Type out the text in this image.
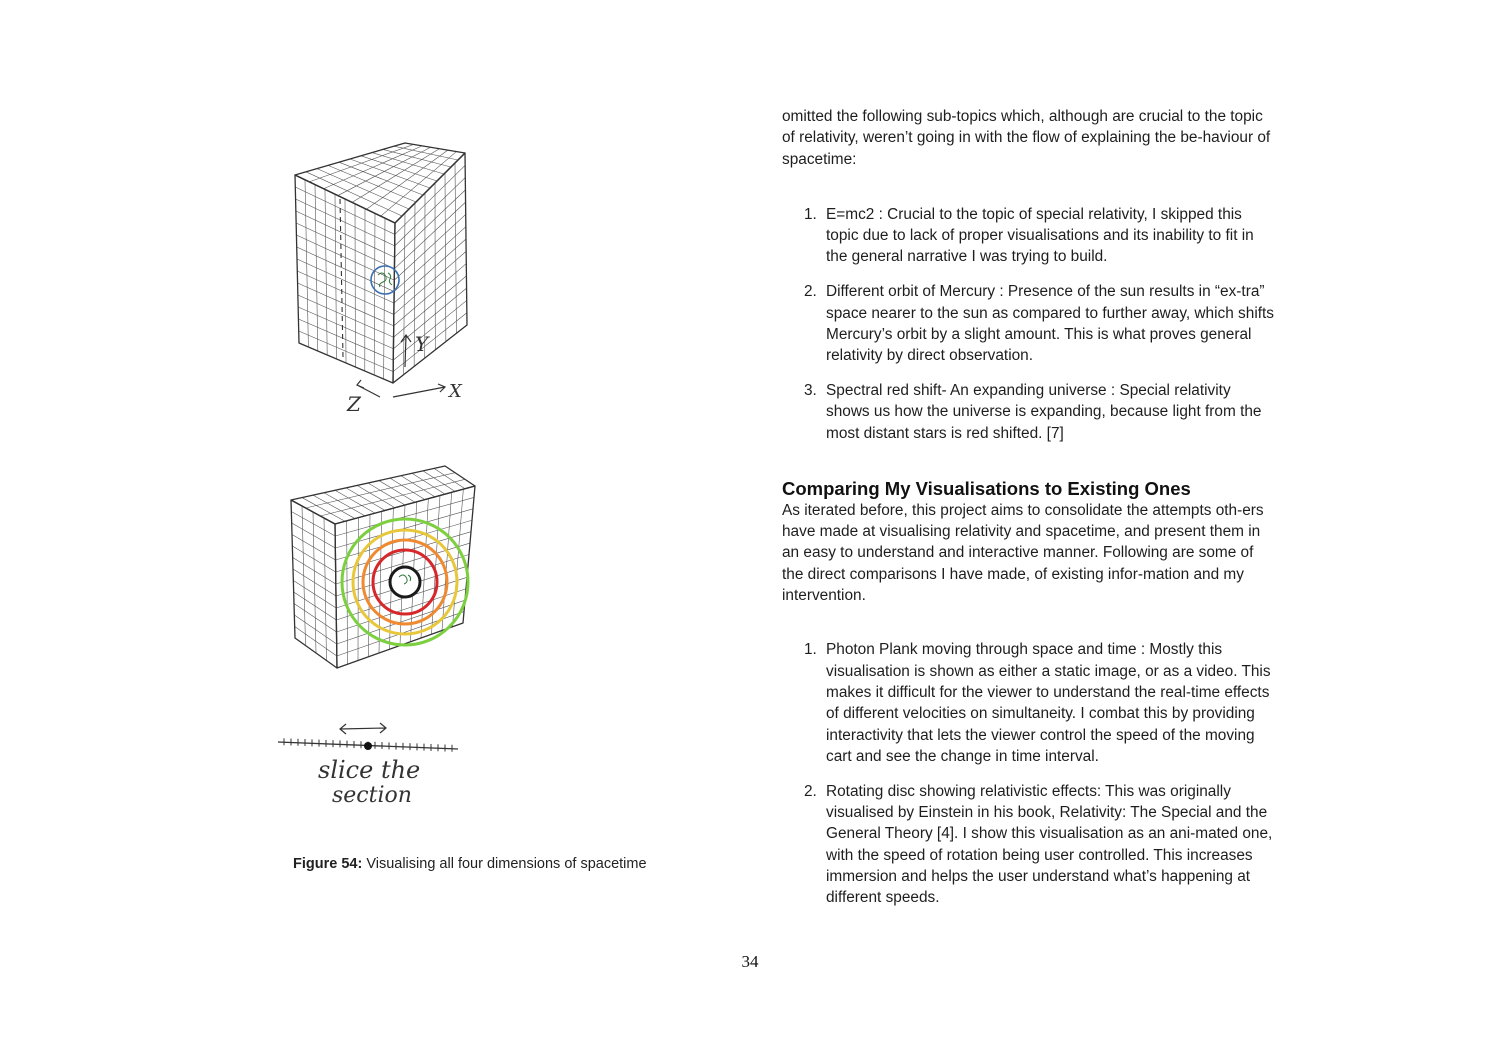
Y
X
Z
slice the
section
Figure 54: Visualising all four dimensions of spacetime

omitted the following sub-topics which, although are crucial to the topic of relativity, weren’t going in with the flow of explaining the be-haviour of spacetime:

1. E=mc2 : Crucial to the topic of special relativity, I skipped this topic due to lack of proper visualisations and its inability to fit in the general narrative I was trying to build.
2. Different orbit of Mercury : Presence of the sun results in “ex-tra” space nearer to the sun as compared to further away, which shifts Mercury’s orbit by a slight amount. This is what proves general relativity by direct observation.
3. Spectral red shift- An expanding universe : Special relativity shows us how the universe is expanding, because light from the most distant stars is red shifted. [7]
Comparing My Visualisations to Existing Ones

As iterated before, this project aims to consolidate the attempts oth-ers have made at visualising relativity and spacetime, and present them in an easy to understand and interactive manner. Following are some of the direct comparisons I have made, of existing infor-mation and my intervention.

1. Photon Plank moving through space and time : Mostly this visualisation is shown as either a static image, or as a video. This makes it difficult for the viewer to understand the real-time effects of different velocities on simultaneity. I combat this by providing interactivity that lets the viewer control the speed of the moving cart and see the change in time interval.
2. Rotating disc showing relativistic effects: This was originally visualised by Einstein in his book, Relativity: The Special and the General Theory [4]. I show this visualisation as an ani-mated one, with the speed of rotation being user controlled. This increases immersion and helps the user understand what’s happening at different speeds.
34
